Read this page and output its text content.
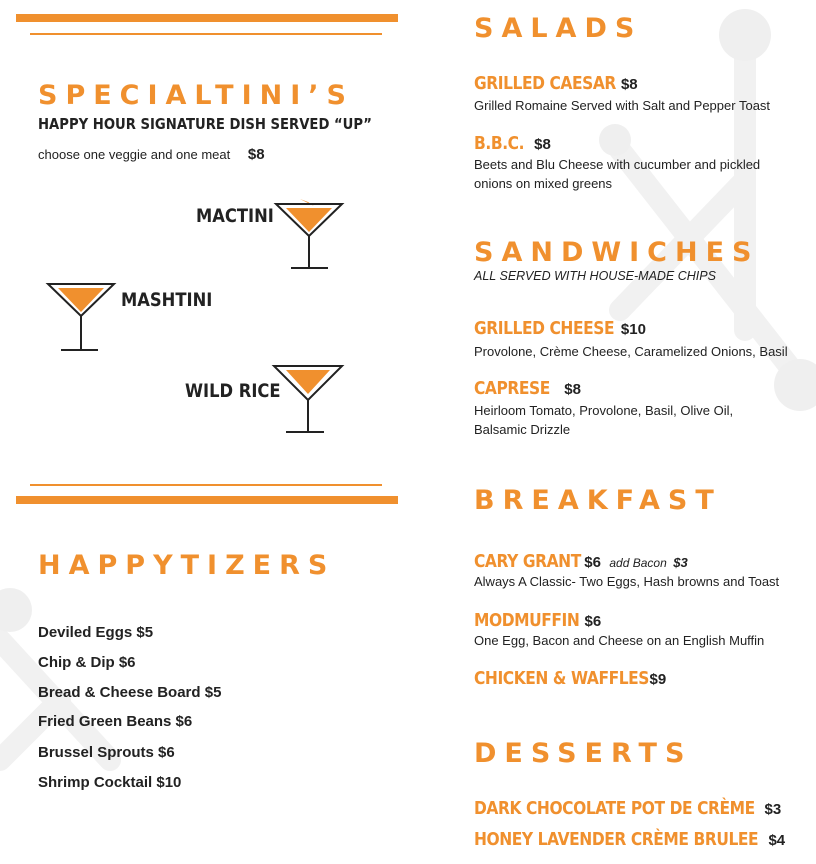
SPECIALTINI’S
HAPPY HOUR SIGNATURE DISH SERVED “UP”
choose one veggie and one meat $8
MACTINI
MASHTINI
WILD RICE
HAPPYTIZERS
Deviled Eggs $5
Chip & Dip $6
Bread & Cheese Board $5
Fried Green Beans $6
Brussel Sprouts $6
Shrimp Cocktail $10
SALADS
GRILLED CAESAR $8
Grilled Romaine Served with Salt and Pepper Toast
B.B.C. $8
Beets and Blu Cheese with cucumber and pickled
onions on mixed greens
SANDWICHES
ALL SERVED WITH HOUSE-MADE CHIPS
GRILLED CHEESE $10
Provolone, Crème Cheese, Caramelized Onions, Basil
CAPRESE $8
Heirloom Tomato, Provolone, Basil, Olive Oil,
Balsamic Drizzle
BREAKFAST
CARY GRANT $6 add Bacon $3
Always A Classic- Two Eggs, Hash browns and Toast
MODMUFFIN $6
One Egg, Bacon and Cheese on an English Muffin
CHICKEN & WAFFLES$9
DESSERTS
DARK CHOCOLATE POT DE CRÈME $3
HONEY LAVENDER CRÈME BRULEE $4
